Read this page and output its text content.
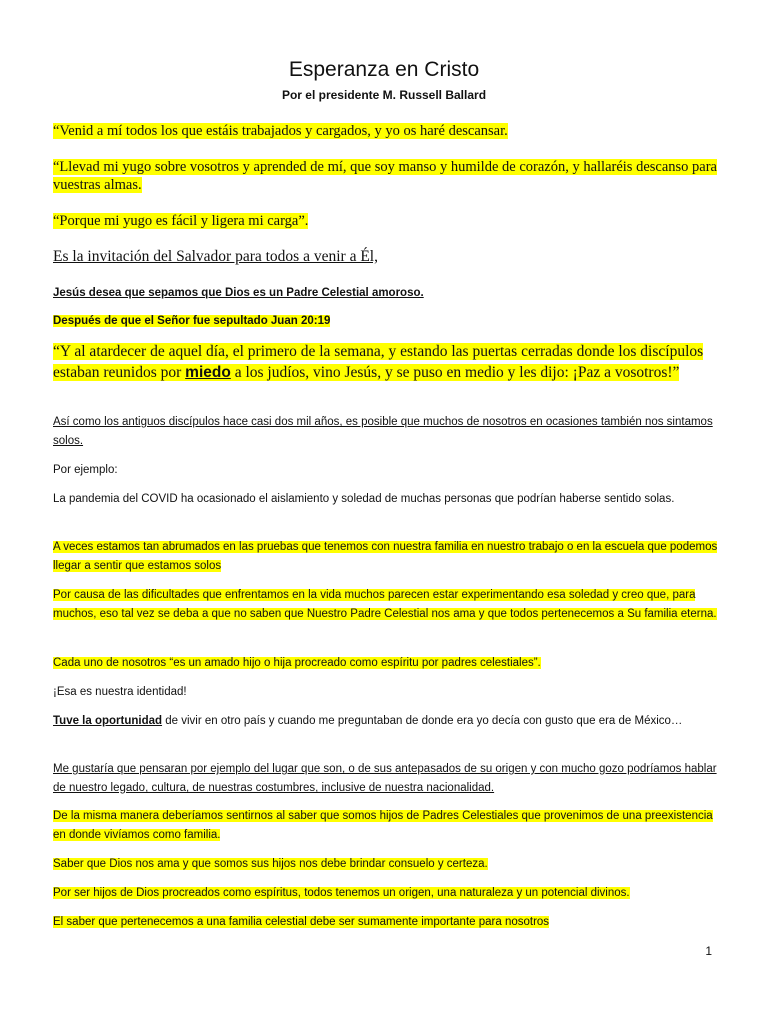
Esperanza en Cristo
Por el presidente M. Russell Ballard

“Venid a mí todos los que estáis trabajados y cargados, y yo os haré descansar.

“Llevad mi yugo sobre vosotros y aprended de mí, que soy manso y humilde de corazón, y hallaréis descanso para vuestras almas.

“Porque mi yugo es fácil y ligera mi carga”.

Es la invitación del Salvador para todos a venir a Él,

Jesús desea que sepamos que Dios es un Padre Celestial amoroso.

Después de que el Señor fue sepultado Juan 20:19

“Y al atardecer de aquel día, el primero de la semana, y estando las puertas cerradas donde los discípulos estaban reunidos por miedo a los judíos, vino Jesús, y se puso en medio y les dijo: ¡Paz a vosotros!”

Así como los antiguos discípulos hace casi dos mil años, es posible que muchos de nosotros en ocasiones también nos sintamos solos.

Por ejemplo:

La pandemia del COVID ha ocasionado el aislamiento y soledad de muchas personas que podrían haberse sentido solas.

A veces estamos tan abrumados en las pruebas que tenemos con nuestra familia en nuestro trabajo o en la escuela que podemos llegar a sentir que estamos solos

Por causa de las dificultades que enfrentamos en la vida muchos parecen estar experimentando esa soledad y creo que, para muchos, eso tal vez se deba a que no saben que Nuestro Padre Celestial nos ama y que todos pertenecemos a Su familia eterna.

Cada uno de nosotros “es un amado hijo o hija procreado como espíritu por padres celestiales”.

¡Esa es nuestra identidad!

Tuve la oportunidad de vivir en otro país y cuando me preguntaban de donde era yo decía con gusto que era de México…

Me gustaría que pensaran por ejemplo del lugar que son, o de sus antepasados de su origen y con mucho gozo podríamos hablar de nuestro legado, cultura, de nuestras costumbres, inclusive de nuestra nacionalidad.

De la misma manera deberíamos sentirnos al saber que somos hijos de Padres Celestiales que provenimos de una preexistencia en donde vivíamos como familia.

Saber que Dios nos ama y que somos sus hijos nos debe brindar consuelo y certeza.

Por ser hijos de Dios procreados como espíritus, todos tenemos un origen, una naturaleza y un potencial divinos.

El saber que pertenecemos a una familia celestial debe ser sumamente importante para nosotros

1
